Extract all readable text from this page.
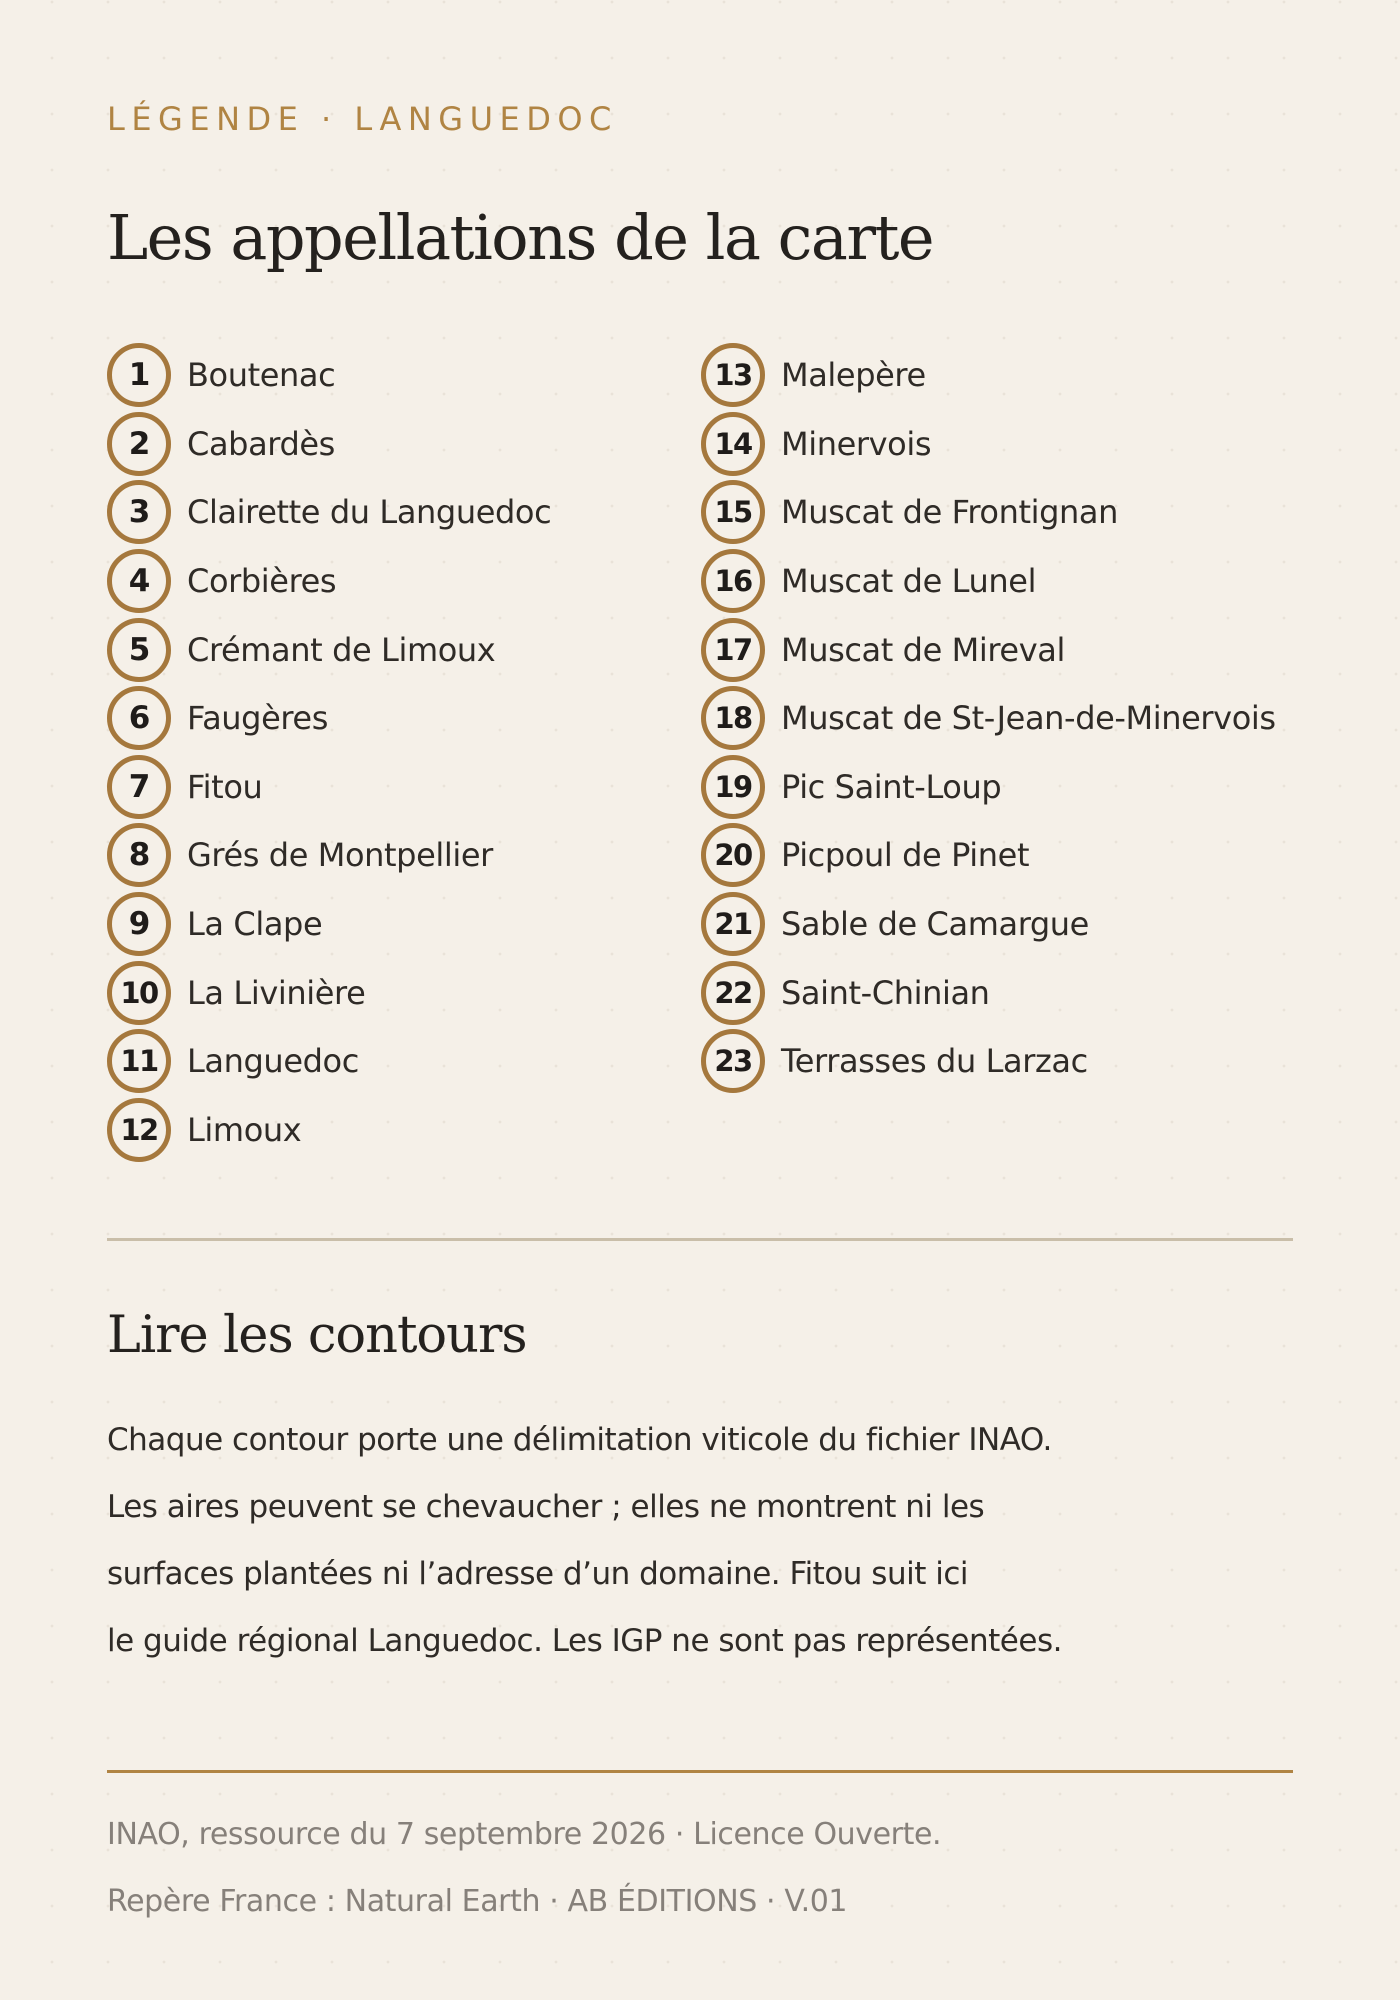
LÉGENDE · LANGUEDOC
Les appellations de la carte
1	Boutenac
2	Cabardès
3	Clairette du Languedoc
4	Corbières
5	Crémant de Limoux
6	Faugères
7	Fitou
8	Grés de Montpellier
9	La Clape
10 La Livinière
11 Languedoc
12 Limoux
13 Malepère
14 Minervois
15 Muscat de Frontignan
16 Muscat de Lunel
17 Muscat de Mireval
18 Muscat de St-Jean-de-Minervois
19 Pic Saint-Loup
20 Picpoul de Pinet
21 Sable de Camargue
22 Saint-Chinian
23 Terrasses du Larzac
Lire les contours
Chaque contour porte une délimitation viticole du fichier INAO.
Les aires peuvent se chevaucher ; elles ne montrent ni les
surfaces plantées ni l’adresse d’un domaine. Fitou suit ici
le guide régional Languedoc. Les IGP ne sont pas représentées.
INAO, ressource du 7 septembre 2026 · Licence Ouverte.
Repère France : Natural Earth · AB ÉDITIONS · V.01
